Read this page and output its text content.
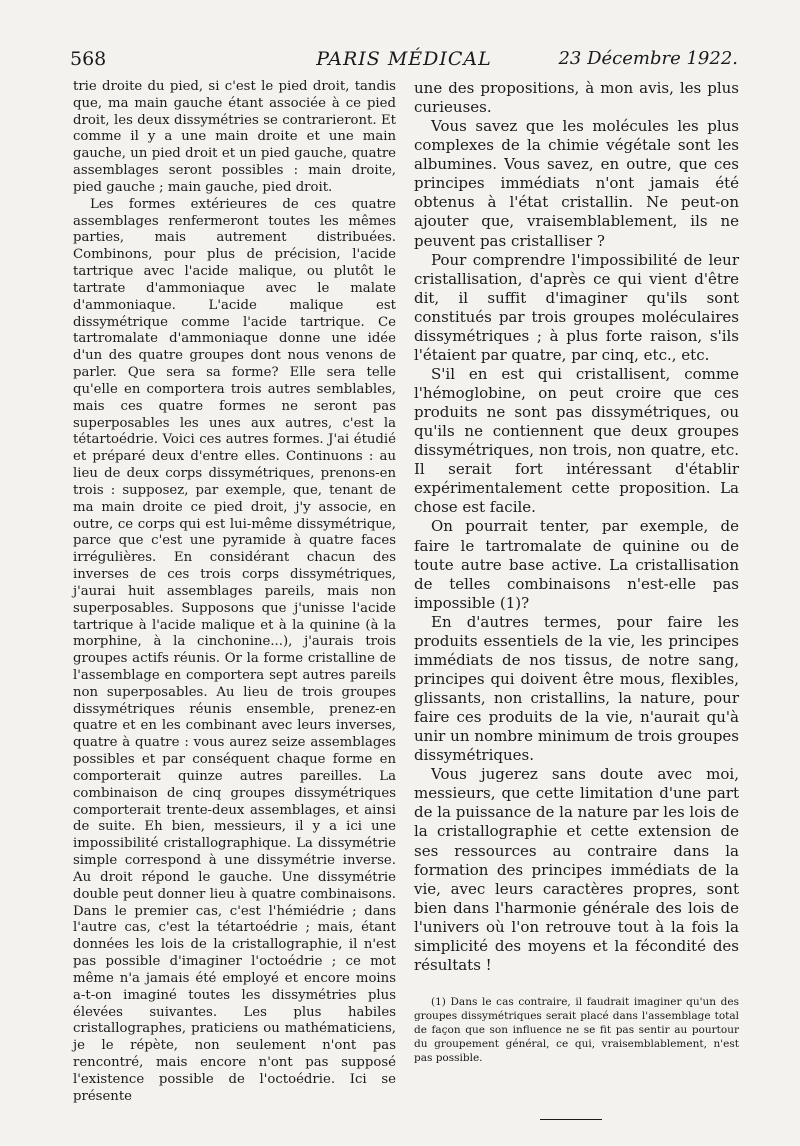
568	PARIS MÉDICAL	23 Décembre 1922.

trie droite du pied, si c'est le pied droit, tandis que, ma main gauche étant associée à ce pied droit, les deux dissymétries se contrarieront. Et comme il y a une main droite et une main gauche, un pied droit et un pied gauche, quatre assemblages seront possibles : main droite, pied gauche ; main gauche, pied droit.

Les formes extérieures de ces quatre assemblages renfermeront toutes les mêmes parties, mais autrement distribuées. Combinons, pour plus de précision, l'acide tartrique avec l'acide malique, ou plutôt le tartrate d'ammoniaque avec le malate d'ammoniaque. L'acide malique est dissymétrique comme l'acide tartrique. Ce tartromalate d'ammoniaque donne une idée d'un des quatre groupes dont nous venons de parler. Que sera sa forme? Elle sera telle qu'elle en comportera trois autres semblables, mais ces quatre formes ne seront pas superposables les unes aux autres, c'est la tétartoédrie. Voici ces autres formes. J'ai étudié et préparé deux d'entre elles. Continuons : au lieu de deux corps dissymétriques, prenons-en trois : supposez, par exemple, que, tenant de ma main droite ce pied droit, j'y associe, en outre, ce corps qui est lui-même dissymétrique, parce que c'est une pyramide à quatre faces irrégulières. En considérant chacun des inverses de ces trois corps dissymétriques, j'aurai huit assemblages pareils, mais non superposables. Supposons que j'unisse l'acide tartrique à l'acide malique et à la quinine (à la morphine, à la cinchonine...), j'aurais trois groupes actifs réunis. Or la forme cristalline de l'assemblage en comportera sept autres pareils non superposables. Au lieu de trois groupes dissymétriques réunis ensemble, prenez-en quatre et en les combinant avec leurs inverses, quatre à quatre : vous aurez seize assemblages possibles et par conséquent chaque forme en comporterait quinze autres pareilles. La combinaison de cinq groupes dissymétriques comporterait trente-deux assemblages, et ainsi de suite. Eh bien, messieurs, il y a ici une impossibilité cristallographique. La dissymétrie simple correspond à une dissymétrie inverse. Au droit répond le gauche. Une dissymétrie double peut donner lieu à quatre combinaisons. Dans le premier cas, c'est l'hémiédrie ; dans l'autre cas, c'est la tétartoédrie ; mais, étant données les lois de la cristallographie, il n'est pas possible d'imaginer l'octoédrie ; ce mot même n'a jamais été employé et encore moins a-t-on imaginé toutes les dissymétries plus élevées suivantes. Les plus habiles cristallographes, praticiens ou mathématiciens, je le répète, non seulement n'ont pas rencontré, mais encore n'ont pas supposé l'existence possible de l'octoédrie. Ici se présente

une des propositions, à mon avis, les plus curieuses.

Vous savez que les molécules les plus complexes de la chimie végétale sont les albumines. Vous savez, en outre, que ces principes immédiats n'ont jamais été obtenus à l'état cristallin. Ne peut-on ajouter que, vraisemblablement, ils ne peuvent pas cristalliser ?

Pour comprendre l'impossibilité de leur cristallisation, d'après ce qui vient d'être dit, il suffit d'imaginer qu'ils sont constitués par trois groupes moléculaires dissymétriques ; à plus forte raison, s'ils l'étaient par quatre, par cinq, etc., etc.

S'il en est qui cristallisent, comme l'hémoglobine, on peut croire que ces produits ne sont pas dissymétriques, ou qu'ils ne contiennent que deux groupes dissymétriques, non trois, non quatre, etc. Il serait fort intéressant d'établir expérimentalement cette proposition. La chose est facile.

On pourrait tenter, par exemple, de faire le tartromalate de quinine ou de toute autre base active. La cristallisation de telles combinaisons n'est-elle pas impossible (1)?

En d'autres termes, pour faire les produits essentiels de la vie, les principes immédiats de nos tissus, de notre sang, principes qui doivent être mous, flexibles, glissants, non cristallins, la nature, pour faire ces produits de la vie, n'aurait qu'à unir un nombre minimum de trois groupes dissymétriques.

Vous jugerez sans doute avec moi, messieurs, que cette limitation d'une part de la puissance de la nature par les lois de la cristallographie et cette extension de ses ressources au contraire dans la formation des principes immédiats de la vie, avec leurs caractères propres, sont bien dans l'harmonie générale des lois de l'univers où l'on retrouve tout à la fois la simplicité des moyens et la fécondité des résultats !

(1) Dans le cas contraire, il faudrait imaginer qu'un des groupes dissymétriques serait placé dans l'assemblage total de façon que son influence ne se fit pas sentir au pourtour du groupement général, ce qui, vraisemblablement, n'est pas possible.
